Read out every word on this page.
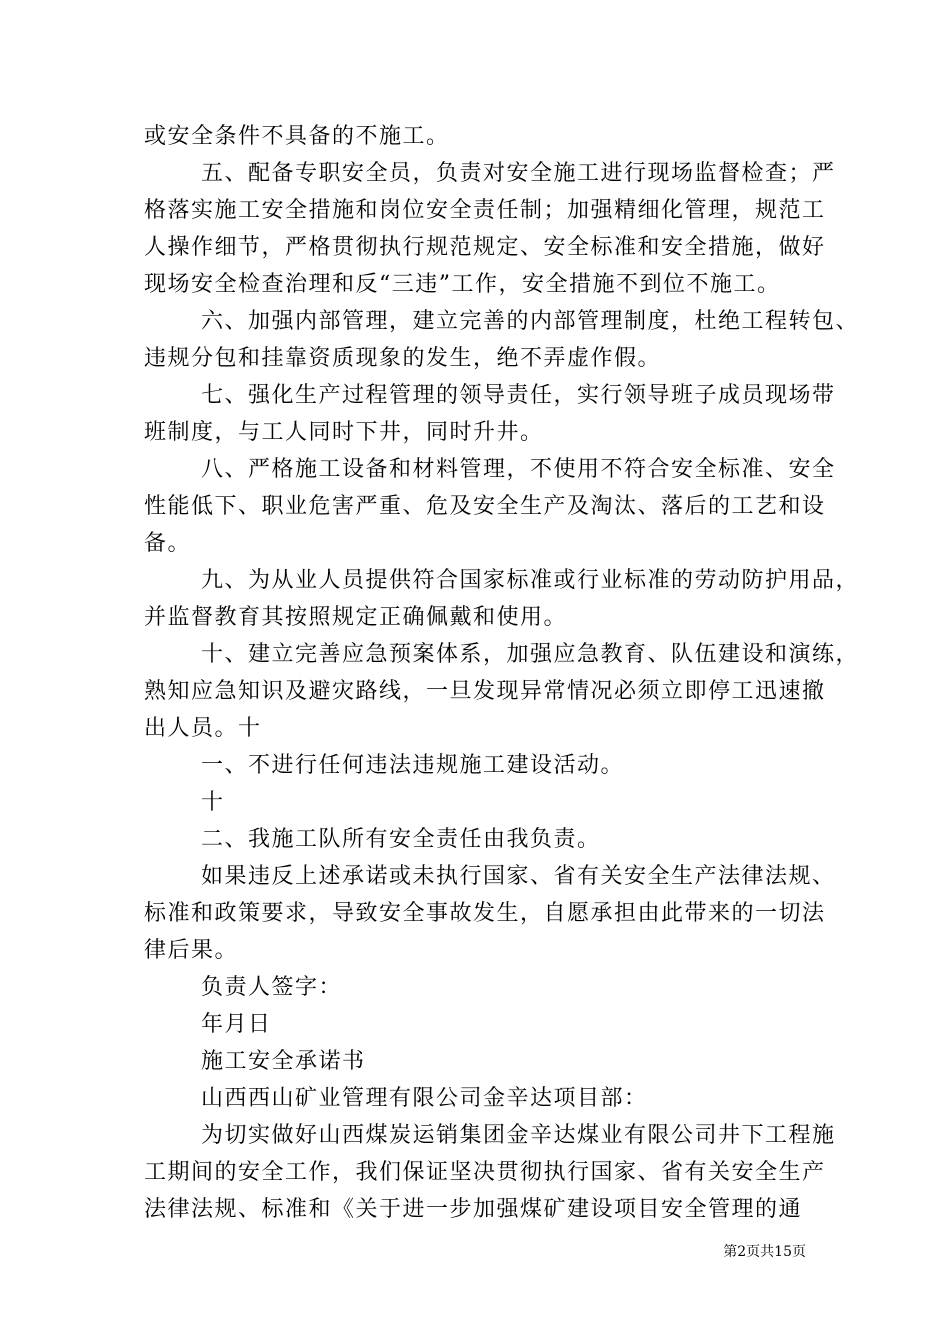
或安全条件不具备的不施工。
五、配备专职安全员，负责对安全施工进行现场监督检查；严
格落实施工安全措施和岗位安全责任制；加强精细化管理，规范工
人操作细节，严格贯彻执行规范规定、安全标准和安全措施，做好
现场安全检查治理和反“三违”工作，安全措施不到位不施工。
六、加强内部管理，建立完善的内部管理制度，杜绝工程转包、
违规分包和挂靠资质现象的发生，绝不弄虚作假。
七、强化生产过程管理的领导责任，实行领导班子成员现场带
班制度，与工人同时下井，同时升井。
八、严格施工设备和材料管理，不使用不符合安全标准、安全
性能低下、职业危害严重、危及安全生产及淘汰、落后的工艺和设
备。
九、为从业人员提供符合国家标准或行业标准的劳动防护用品，
并监督教育其按照规定正确佩戴和使用。
十、建立完善应急预案体系，加强应急教育、队伍建设和演练，
熟知应急知识及避灾路线，一旦发现异常情况必须立即停工迅速撤
出人员。十
一、不进行任何违法违规施工建设活动。
十
二、我施工队所有安全责任由我负责。
如果违反上述承诺或未执行国家、省有关安全生产法律法规、
标准和政策要求，导致安全事故发生，自愿承担由此带来的一切法
律后果。
负责人签字：
年月日
施工安全承诺书
山西西山矿业管理有限公司金辛达项目部：
为切实做好山西煤炭运销集团金辛达煤业有限公司井下工程施
工期间的安全工作，我们保证坚决贯彻执行国家、省有关安全生产
法律法规、标准和《关于进一步加强煤矿建设项目安全管理的通
第2页共15页
